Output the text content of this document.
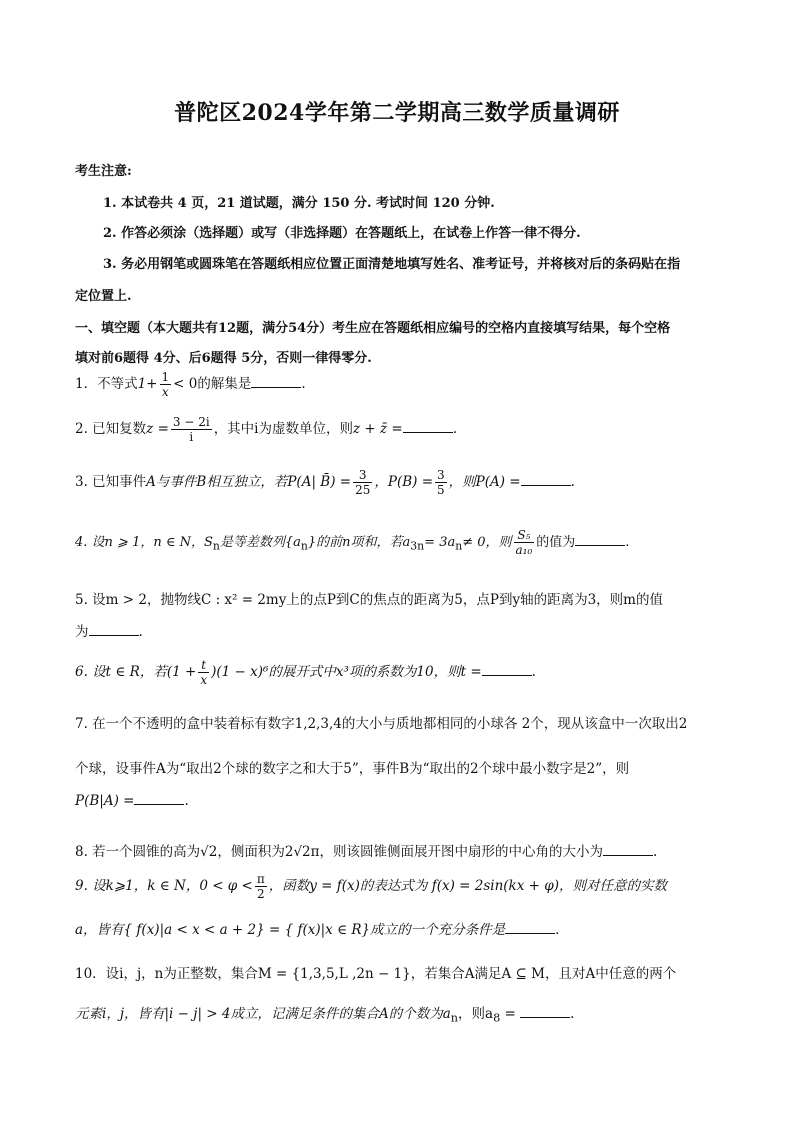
普陀区2024学年第二学期高三数学质量调研
考生注意:
1. 本试卷共 4 页，21 道试题，满分 150 分. 考试时间 120 分钟.
2. 作答必须涂（选择题）或写（非选择题）在答题纸上，在试卷上作答一律不得分.
3. 务必用钢笔或圆珠笔在答题纸相应位置正面清楚地填写姓名、准考证号，并将核对后的条码贴在指
定位置上.
一、填空题（本大题共有12题，满分54分）考生应在答题纸相应编号的空格内直接填写结果，每个空格
填对前6题得 4分、后6题得 5分，否则一律得零分.
1．不等式$1+ \frac{1}{x} < 0$的解集是	.
2. 已知复数$z = \frac{3 - 2i}{i}$ ，其中i为虚数单位，则z + z̄ =	.
3. 已知事件A与事件B相互独立，若P(A| B̄) = $\frac{3}{25}$ ，$P(B) = \frac{3}{5}$ ，则P(A) =	.
4. 设n ⩾ 1，n ∈ N，$S_n$是等差数列$\{a_n\}$的前n项和，若$a_{3n}= 3a_n\ne 0$，则 $\frac{\text{S₅}}{\text{a₁₀}}$ 的值为	.
5. 设m > 2，抛物线C : x² = 2my上的点P到C的焦点的距离为5，点P到y轴的距离为3，则m的值
为	.
6. 设t ∈ R，若$(1 + \frac{t}{x} )(1 - x)^6$的展开式中x³项的系数为10，则t =	.
7. 在一个不透明的盒中装着标有数字1,2,3,4的大小与质地都相同的小球各 2个，现从该盒中一次取出2
个球，设事件A为“取出2个球的数字之和大于5”，事件B为“取出的2个球中最小数字是2”，则
P(B|A) =	.
8. 若一个圆锥的高为√2，侧面积为2√2π，则该圆锥侧面展开图中扇形的中心角的大小为	.
9. 设k⩾1，k ∈ N，$0 < \varphi < \frac{\pi}{2}$ ，函数y = f(x)的表达式为 f(x) = 2sin(kx + φ)，则对任意的实数
a，皆有{ f(x)|a < x < a + 2} = { f(x)|x ∈ R}成立的一个充分条件是	.
10．设i，j，n为正整数，集合M = {1,3,5,L ,2n − 1}，若集合A满足A ⊆ M，且对A中任意的两个
元素i，j，皆有|i − j| > 4成立，记满足条件的集合A的个数为$a_n$，则$a_8$ =	.
